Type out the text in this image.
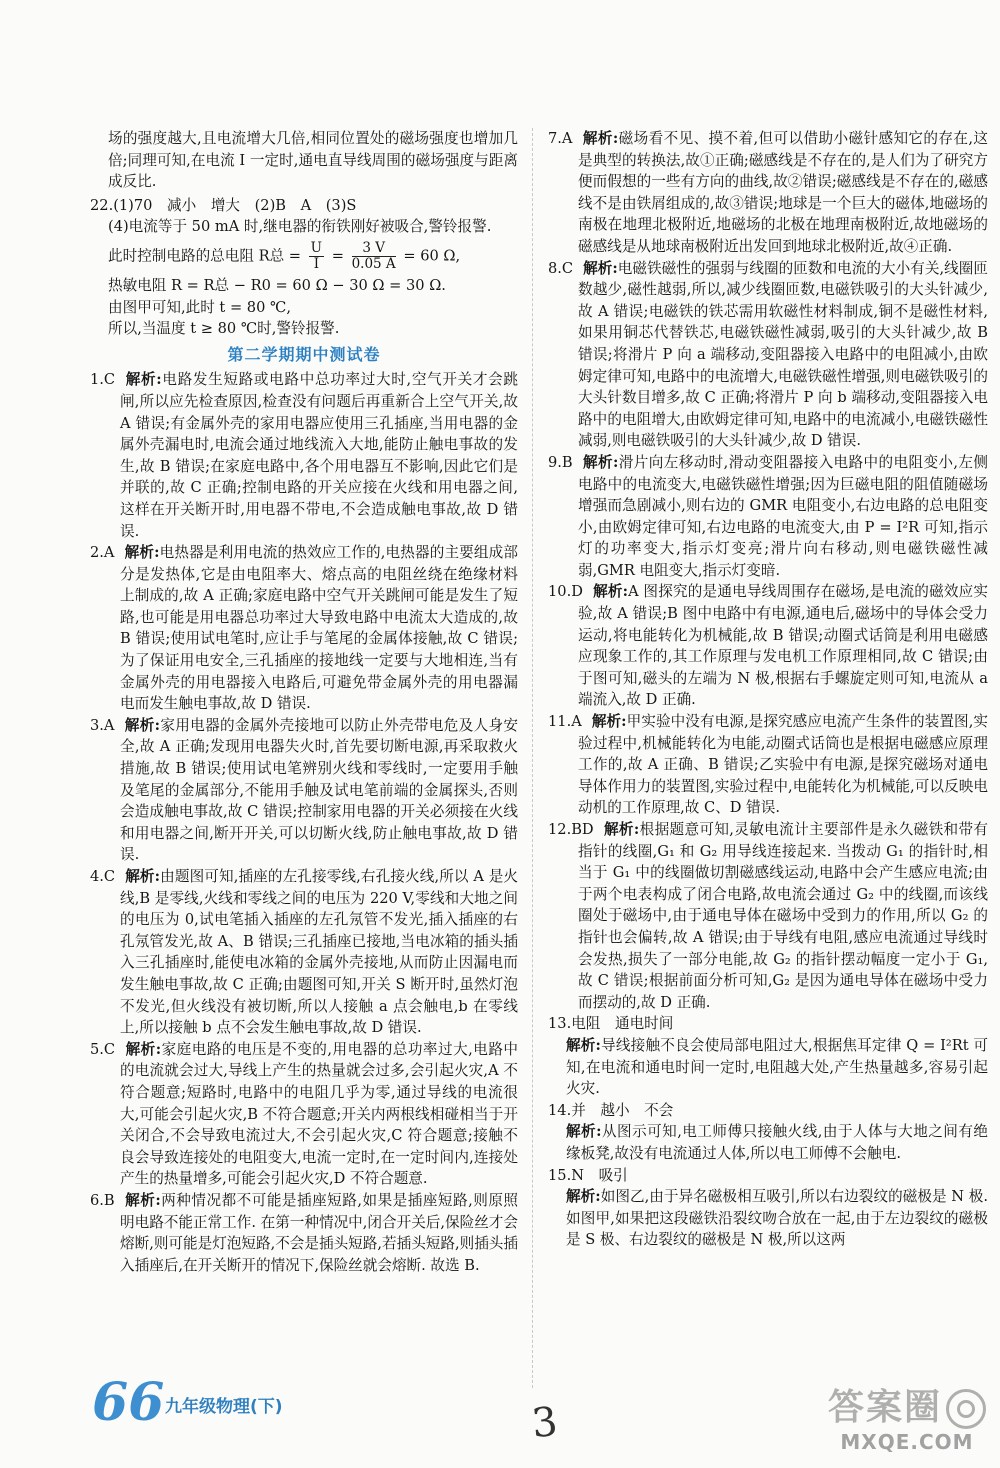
场的强度越大,且电流增大几倍,相同位置处的磁场强度也增加几倍;同理可知,在电流 I 一定时,通电直导线周围的磁场强度与距离成反比.

22.(1)70　减小　增大　(2)B　A　(3)S

(4)电流等于 50 mA 时,继电器的衔铁刚好被吸合,警铃报警.

此时控制电路的总电阻 R总 = $\frac{U}{I} = \frac{3 V}{0.05 A} = 60$ Ω,

热敏电阻 R = R总 − R0 = 60 Ω − 30 Ω = 30 Ω.

由图甲可知,此时 t = 80 ℃,

所以,当温度 t ≥ 80 ℃时,警铃报警.

第二学期期中测试卷

1.C 解析:电路发生短路或电路中总功率过大时,空气开关才会跳闸,所以应先检查原因,检查没有问题后再重新合上空气开关,故 A 错误;有金属外壳的家用电器应使用三孔插座,当用电器的金属外壳漏电时,电流会通过地线流入大地,能防止触电事故的发生,故 B 错误;在家庭电路中,各个用电器互不影响,因此它们是并联的,故 C 正确;控制电路的开关应接在火线和用电器之间,这样在开关断开时,用电器不带电,不会造成触电事故,故 D 错误.

2.A 解析:电热器是利用电流的热效应工作的,电热器的主要组成部分是发热体,它是由电阻率大、熔点高的电阻丝绕在绝缘材料上制成的,故 A 正确;家庭电路中空气开关跳闸可能是发生了短路,也可能是用电器总功率过大导致电路中电流太大造成的,故 B 错误;使用试电笔时,应让手与笔尾的金属体接触,故 C 错误;为了保证用电安全,三孔插座的接地线一定要与大地相连,当有金属外壳的用电器接入电路后,可避免带金属外壳的用电器漏电而发生触电事故,故 D 错误.

3.A 解析:家用电器的金属外壳接地可以防止外壳带电危及人身安全,故 A 正确;发现用电器失火时,首先要切断电源,再采取救火措施,故 B 错误;使用试电笔辨别火线和零线时,一定要用手触及笔尾的金属部分,不能用手触及试电笔前端的金属探头,否则会造成触电事故,故 C 错误;控制家用电器的开关必须接在火线和用电器之间,断开开关,可以切断火线,防止触电事故,故 D 错误.

4.C 解析:由题图可知,插座的左孔接零线,右孔接火线,所以 A 是火线,B 是零线,火线和零线之间的电压为 220 V,零线和大地之间的电压为 0,试电笔插入插座的左孔氖管不发光,插入插座的右孔氖管发光,故 A、B 错误;三孔插座已接地,当电冰箱的插头插入三孔插座时,能使电冰箱的金属外壳接地,从而防止因漏电而发生触电事故,故 C 正确;由题图可知,开关 S 断开时,虽然灯泡不发光,但火线没有被切断,所以人接触 a 点会触电,b 在零线上,所以接触 b 点不会发生触电事故,故 D 错误.

5.C 解析:家庭电路的电压是不变的,用电器的总功率过大,电路中的电流就会过大,导线上产生的热量就会过多,会引起火灾,A 不符合题意;短路时,电路中的电阻几乎为零,通过导线的电流很大,可能会引起火灾,B 不符合题意;开关内两根线相碰相当于开关闭合,不会导致电流过大,不会引起火灾,C 符合题意;接触不良会导致连接处的电阻变大,电流一定时,在一定时间内,连接处产生的热量增多,可能会引起火灾,D 不符合题意.

6.B 解析:两种情况都不可能是插座短路,如果是插座短路,则原照明电路不能正常工作. 在第一种情况中,闭合开关后,保险丝才会熔断,则可能是灯泡短路,不会是插头短路,若插头短路,则插头插入插座后,在开关断开的情况下,保险丝就会熔断. 故选 B.

7.A 解析:磁场看不见、摸不着,但可以借助小磁针感知它的存在,这是典型的转换法,故①正确;磁感线是不存在的,是人们为了研究方便而假想的一些有方向的曲线,故②错误;磁感线是不存在的,磁感线不是由铁屑组成的,故③错误;地球是一个巨大的磁体,地磁场的南极在地理北极附近,地磁场的北极在地理南极附近,故地磁场的磁感线是从地球南极附近出发回到地球北极附近,故④正确.

8.C 解析:电磁铁磁性的强弱与线圈的匝数和电流的大小有关,线圈匝数越少,磁性越弱,所以,减少线圈匝数,电磁铁吸引的大头针减少,故 A 错误;电磁铁的铁芯需用软磁性材料制成,铜不是磁性材料,如果用铜芯代替铁芯,电磁铁磁性减弱,吸引的大头针减少,故 B 错误;将滑片 P 向 a 端移动,变阻器接入电路中的电阻减小,由欧姆定律可知,电路中的电流增大,电磁铁磁性增强,则电磁铁吸引的大头针数目增多,故 C 正确;将滑片 P 向 b 端移动,变阻器接入电路中的电阻增大,由欧姆定律可知,电路中的电流减小,电磁铁磁性减弱,则电磁铁吸引的大头针减少,故 D 错误.

9.B 解析:滑片向左移动时,滑动变阻器接入电路中的电阻变小,左侧电路中的电流变大,电磁铁磁性增强;因为巨磁电阻的阻值随磁场增强而急剧减小,则右边的 GMR 电阻变小,右边电路的总电阻变小,由欧姆定律可知,右边电路的电流变大,由 P = I²R 可知,指示灯的功率变大,指示灯变亮;滑片向右移动,则电磁铁磁性减弱,GMR 电阻变大,指示灯变暗.

10.D 解析:A 图探究的是通电导线周围存在磁场,是电流的磁效应实验,故 A 错误;B 图中电路中有电源,通电后,磁场中的导体会受力运动,将电能转化为机械能,故 B 错误;动圈式话筒是利用电磁感应现象工作的,其工作原理与发电机工作原理相同,故 C 错误;由于图可知,磁头的左端为 N 极,根据右手螺旋定则可知,电流从 a 端流入,故 D 正确.

11.A 解析:甲实验中没有电源,是探究感应电流产生条件的装置图,实验过程中,机械能转化为电能,动圈式话筒也是根据电磁感应原理工作的,故 A 正确、B 错误;乙实验中有电源,是探究磁场对通电导体作用力的装置图,实验过程中,电能转化为机械能,可以反映电动机的工作原理,故 C、D 错误.

12.BD 解析:根据题意可知,灵敏电流计主要部件是永久磁铁和带有指针的线圈,G₁ 和 G₂ 用导线连接起来. 当拨动 G₁ 的指针时,相当于 G₁ 中的线圈做切割磁感线运动,电路中会产生感应电流;由于两个电表构成了闭合电路,故电流会通过 G₂ 中的线圈,而该线圈处于磁场中,由于通电导体在磁场中受到力的作用,所以 G₂ 的指针也会偏转,故 A 错误;由于导线有电阻,感应电流通过导线时会发热,损失了一部分电能,故 G₂ 的指针摆动幅度一定小于 G₁,故 C 错误;根据前面分析可知,G₂ 是因为通电导体在磁场中受力而摆动的,故 D 正确.

13.电阻　通电时间

解析:导线接触不良会使局部电阻过大,根据焦耳定律 Q = I²Rt 可知,在电流和通电时间一定时,电阻越大处,产生热量越多,容易引起火灾.

14.并　越小　不会

解析:从图示可知,电工师傅只接触火线,由于人体与大地之间有绝缘板凳,故没有电流通过人体,所以电工师傅不会触电.

15.N　吸引

解析:如图乙,由于异名磁极相互吸引,所以右边裂纹的磁极是 N 极. 如图甲,如果把这段磁铁沿裂纹吻合放在一起,由于左边裂纹的磁极是 S 极、右边裂纹的磁极是 N 极,所以这两

66 九年级物理(下)	3	答案圈
MXQE.COM
